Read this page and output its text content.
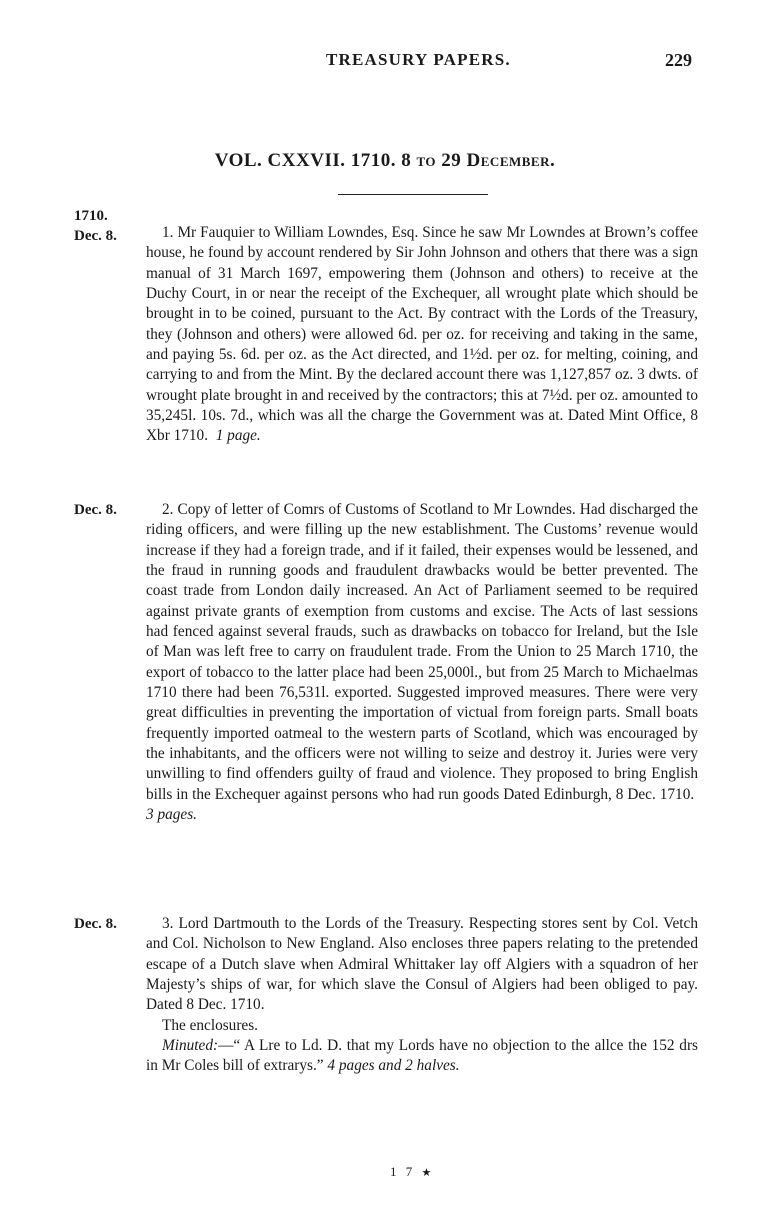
TREASURY PAPERS.	229
VOL. CXXVII. 1710. 8 to 29 December.
1710.
Dec. 8.	1. Mr Fauquier to William Lowndes, Esq. Since he saw Mr Lowndes at Brown’s coffee house, he found by account rendered by Sir John Johnson and others that there was a sign manual of 31 March 1697, empowering them (Johnson and others) to receive at the Duchy Court, in or near the receipt of the Exchequer, all wrought plate which should be brought in to be coined, pursuant to the Act. By contract with the Lords of the Treasury, they (Johnson and others) were allowed 6d. per oz. for receiving and taking in the same, and paying 5s. 6d. per oz. as the Act directed, and 1½d. per oz. for melting, coining, and carrying to and from the Mint. By the declared account there was 1,127,857 oz. 3 dwts. of wrought plate brought in and received by the contractors; this at 7½d. per oz. amounted to 35,245l. 10s. 7d., which was all the charge the Government was at. Dated Mint Office, 8 Xbr 1710. 1 page.

Dec. 8.	2. Copy of letter of Comrs of Customs of Scotland to Mr Lowndes. Had discharged the riding officers, and were filling up the new establishment. The Customs’ revenue would increase if they had a foreign trade, and if it failed, their expenses would be lessened, and the fraud in running goods and fraudulent drawbacks would be better prevented. The coast trade from London daily increased. An Act of Parliament seemed to be required against private grants of exemption from customs and excise. The Acts of last sessions had fenced against several frauds, such as drawbacks on tobacco for Ireland, but the Isle of Man was left free to carry on fraudulent trade. From the Union to 25 March 1710, the export of tobacco to the latter place had been 25,000l., but from 25 March to Michaelmas 1710 there had been 76,531l. exported. Suggested improved measures. There were very great difficulties in preventing the importation of victual from foreign parts. Small boats frequently imported oatmeal to the western parts of Scotland, which was encouraged by the inhabitants, and the officers were not willing to seize and destroy it. Juries were very unwilling to find offenders guilty of fraud and violence. They proposed to bring English bills in the Exchequer against persons who had run goods Dated Edinburgh, 8 Dec. 1710.  3 pages.

Dec. 8.	3. Lord Dartmouth to the Lords of the Treasury. Respecting stores sent by Col. Vetch and Col. Nicholson to New England. Also encloses three papers relating to the pretended escape of a Dutch slave when Admiral Whittaker lay off Algiers with a squadron of her Majesty’s ships of war, for which slave the Consul of Algiers had been obliged to pay. Dated 8 Dec. 1710.

The enclosures.

Minuted:—“ A Lre to Ld. D. that my Lords have no objection to the allce the 152 drs in Mr Coles bill of extrarys.” 4 pages and 2 halves.

1 7 ★
